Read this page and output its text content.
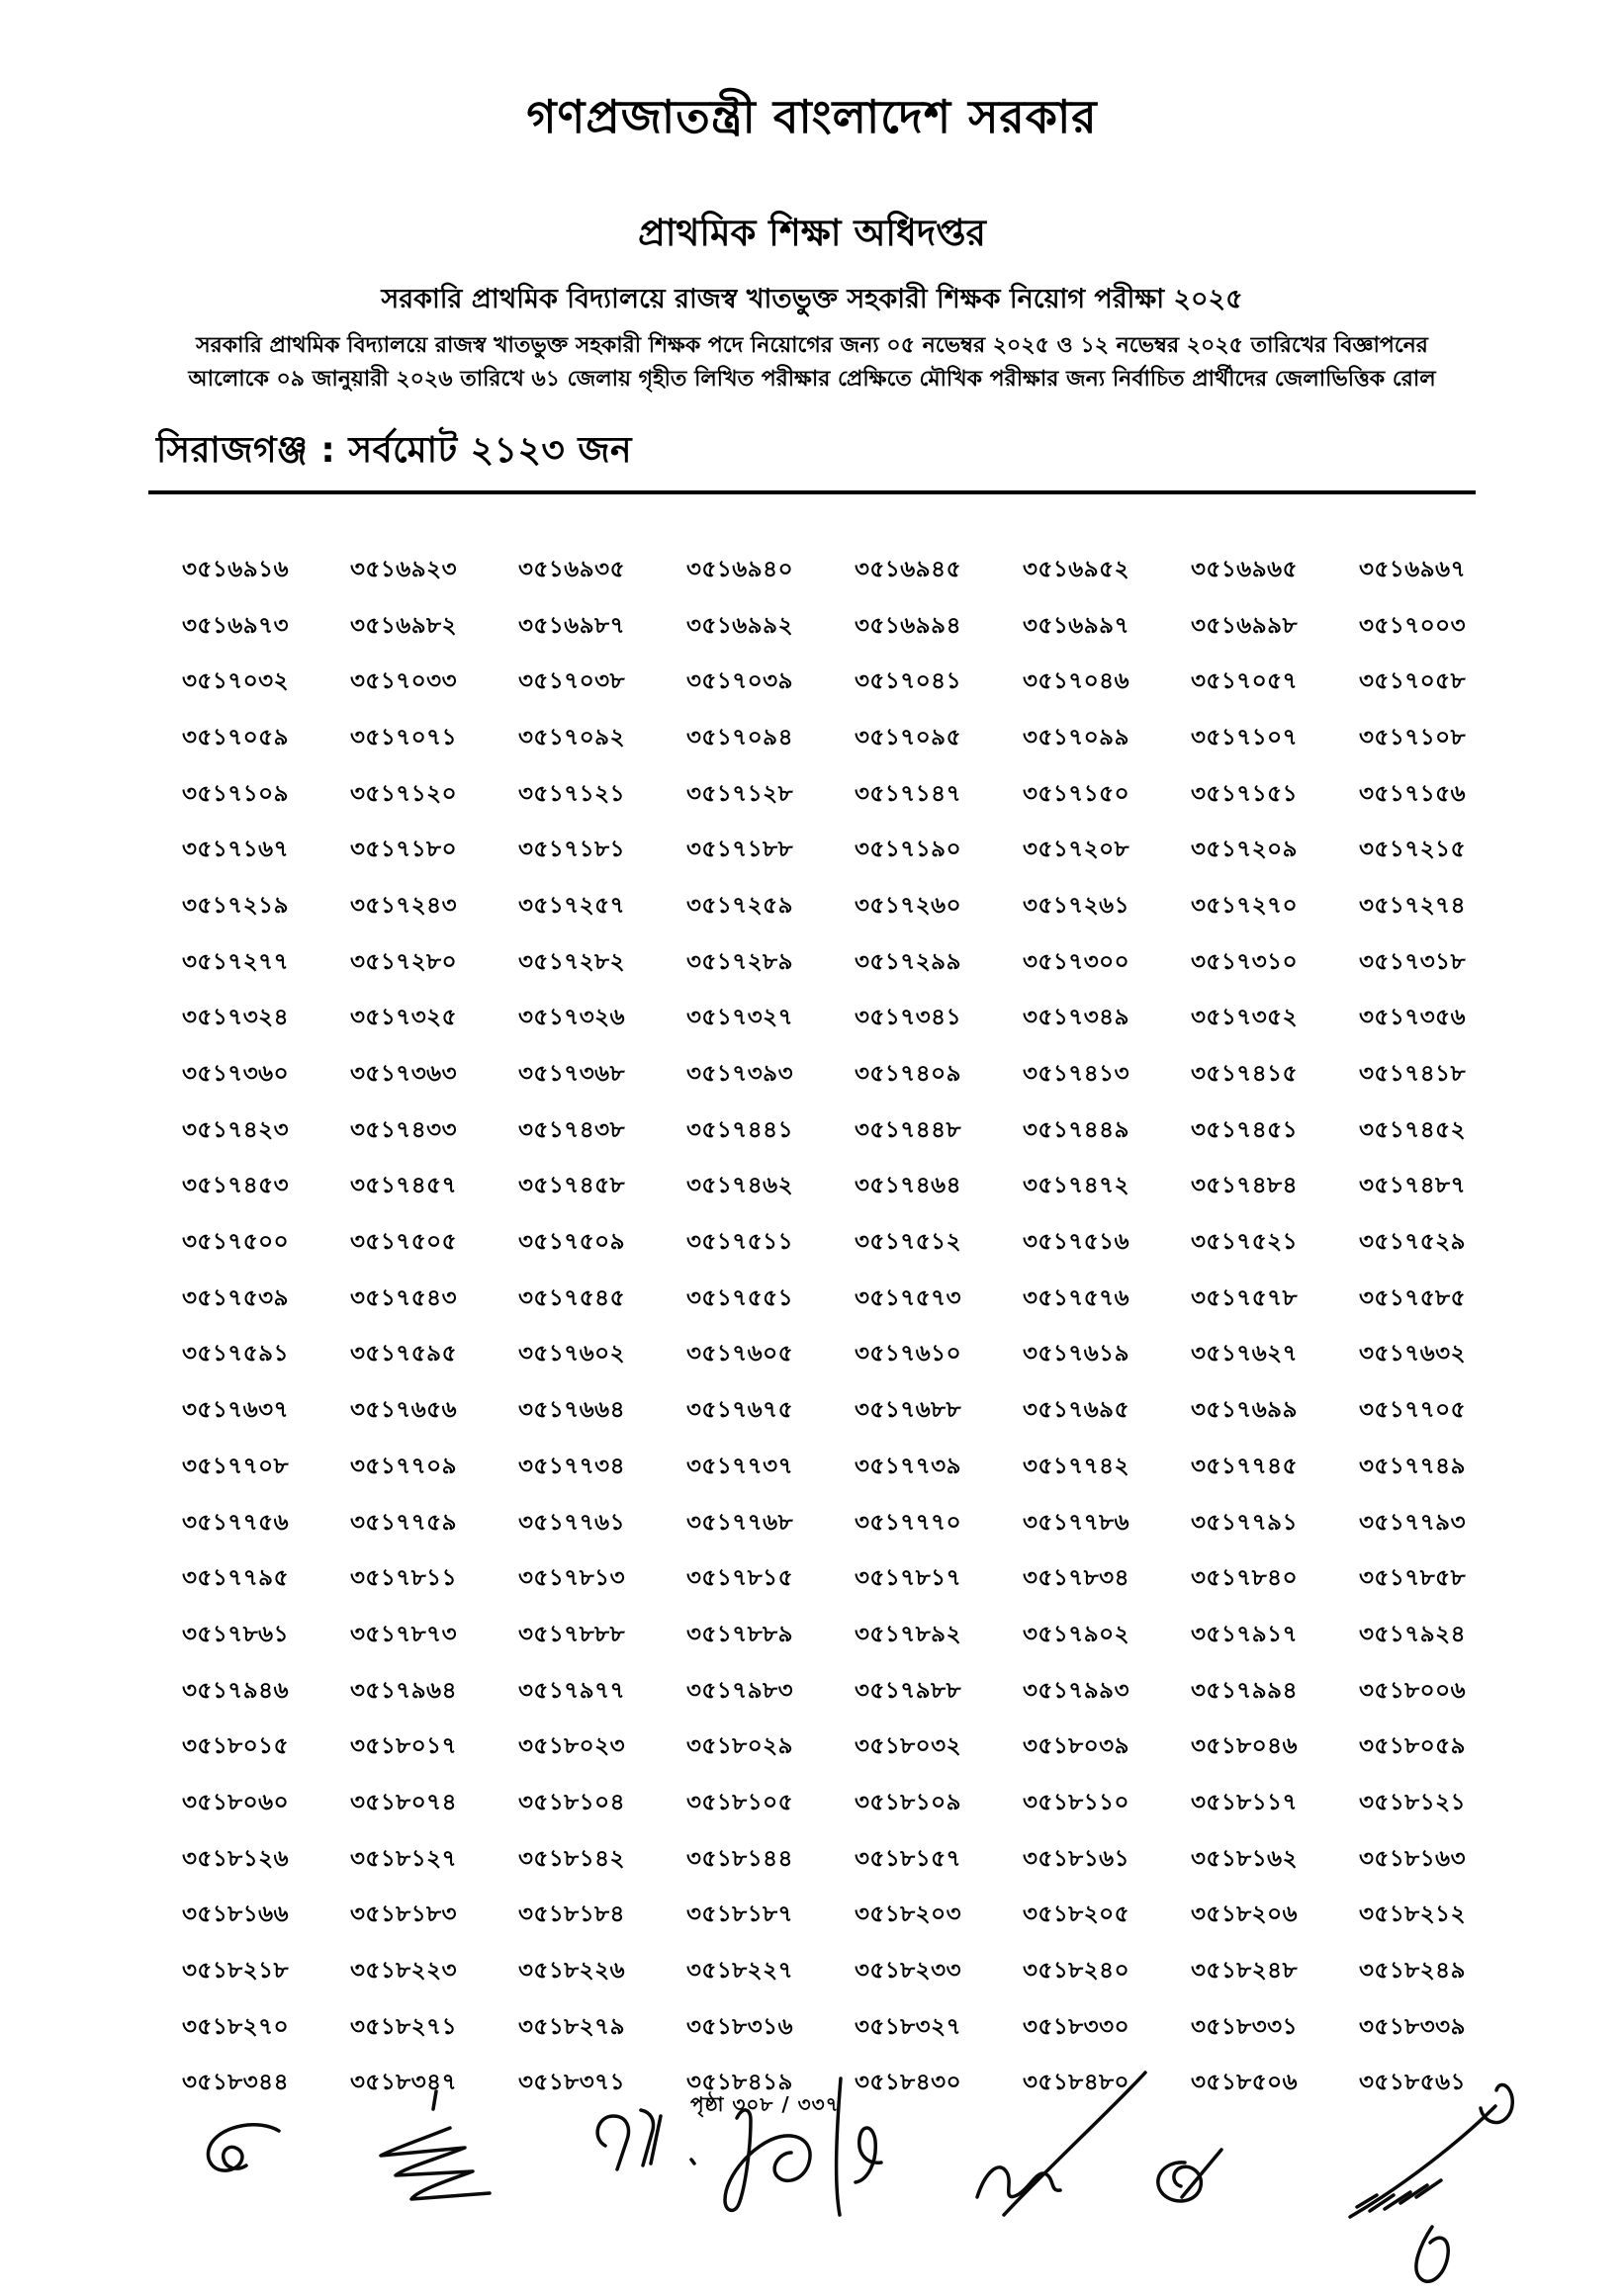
গণপ্রজাতন্ত্রী বাংলাদেশ সরকার
প্রাথমিক শিক্ষা অধিদপ্তর
সরকারি প্রাথমিক বিদ্যালয়ে রাজস্ব খাতভুক্ত সহকারী শিক্ষক নিয়োগ পরীক্ষা ২০২৫
সরকারি প্রাথমিক বিদ্যালয়ে রাজস্ব খাতভুক্ত সহকারী শিক্ষক পদে নিয়োগের জন্য ০৫ নভেম্বর ২০২৫ ও ১২ নভেম্বর ২০২৫ তারিখের বিজ্ঞাপনের
আলোকে ০৯ জানুয়ারী ২০২৬ তারিখে ৬১ জেলায় গৃহীত লিখিত পরীক্ষার প্রেক্ষিতে মৌখিক পরীক্ষার জন্য নির্বাচিত প্রার্থীদের জেলাভিত্তিক রোল
সিরাজগঞ্জ : সর্বমোট ২১২৩ জন
৩৫১৬৯১৬	৩৫১৬৯২৩	৩৫১৬৯৩৫	৩৫১৬৯৪০	৩৫১৬৯৪৫	৩৫১৬৯৫২	৩৫১৬৯৬৫	৩৫১৬৯৬৭
৩৫১৬৯৭৩	৩৫১৬৯৮২	৩৫১৬৯৮৭	৩৫১৬৯৯২	৩৫১৬৯৯৪	৩৫১৬৯৯৭	৩৫১৬৯৯৮	৩৫১৭০০৩
৩৫১৭০৩২	৩৫১৭০৩৩	৩৫১৭০৩৮	৩৫১৭০৩৯	৩৫১৭০৪১	৩৫১৭০৪৬	৩৫১৭০৫৭	৩৫১৭০৫৮
৩৫১৭০৫৯	৩৫১৭০৭১	৩৫১৭০৯২	৩৫১৭০৯৪	৩৫১৭০৯৫	৩৫১৭০৯৯	৩৫১৭১০৭	৩৫১৭১০৮
৩৫১৭১০৯	৩৫১৭১২০	৩৫১৭১২১	৩৫১৭১২৮	৩৫১৭১৪৭	৩৫১৭১৫০	৩৫১৭১৫১	৩৫১৭১৫৬
৩৫১৭১৬৭	৩৫১৭১৮০	৩৫১৭১৮১	৩৫১৭১৮৮	৩৫১৭১৯০	৩৫১৭২০৮	৩৫১৭২০৯	৩৫১৭২১৫
৩৫১৭২১৯	৩৫১৭২৪৩	৩৫১৭২৫৭	৩৫১৭২৫৯	৩৫১৭২৬০	৩৫১৭২৬১	৩৫১৭২৭০	৩৫১৭২৭৪
৩৫১৭২৭৭	৩৫১৭২৮০	৩৫১৭২৮২	৩৫১৭২৮৯	৩৫১৭২৯৯	৩৫১৭৩০০	৩৫১৭৩১০	৩৫১৭৩১৮
৩৫১৭৩২৪	৩৫১৭৩২৫	৩৫১৭৩২৬	৩৫১৭৩২৭	৩৫১৭৩৪১	৩৫১৭৩৪৯	৩৫১৭৩৫২	৩৫১৭৩৫৬
৩৫১৭৩৬০	৩৫১৭৩৬৩	৩৫১৭৩৬৮	৩৫১৭৩৯৩	৩৫১৭৪০৯	৩৫১৭৪১৩	৩৫১৭৪১৫	৩৫১৭৪১৮
৩৫১৭৪২৩	৩৫১৭৪৩৩	৩৫১৭৪৩৮	৩৫১৭৪৪১	৩৫১৭৪৪৮	৩৫১৭৪৪৯	৩৫১৭৪৫১	৩৫১৭৪৫২
৩৫১৭৪৫৩	৩৫১৭৪৫৭	৩৫১৭৪৫৮	৩৫১৭৪৬২	৩৫১৭৪৬৪	৩৫১৭৪৭২	৩৫১৭৪৮৪	৩৫১৭৪৮৭
৩৫১৭৫০০	৩৫১৭৫০৫	৩৫১৭৫০৯	৩৫১৭৫১১	৩৫১৭৫১২	৩৫১৭৫১৬	৩৫১৭৫২১	৩৫১৭৫২৯
৩৫১৭৫৩৯	৩৫১৭৫৪৩	৩৫১৭৫৪৫	৩৫১৭৫৫১	৩৫১৭৫৭৩	৩৫১৭৫৭৬	৩৫১৭৫৭৮	৩৫১৭৫৮৫
৩৫১৭৫৯১	৩৫১৭৫৯৫	৩৫১৭৬০২	৩৫১৭৬০৫	৩৫১৭৬১০	৩৫১৭৬১৯	৩৫১৭৬২৭	৩৫১৭৬৩২
৩৫১৭৬৩৭	৩৫১৭৬৫৬	৩৫১৭৬৬৪	৩৫১৭৬৭৫	৩৫১৭৬৮৮	৩৫১৭৬৯৫	৩৫১৭৬৯৯	৩৫১৭৭০৫
৩৫১৭৭০৮	৩৫১৭৭০৯	৩৫১৭৭৩৪	৩৫১৭৭৩৭	৩৫১৭৭৩৯	৩৫১৭৭৪২	৩৫১৭৭৪৫	৩৫১৭৭৪৯
৩৫১৭৭৫৬	৩৫১৭৭৫৯	৩৫১৭৭৬১	৩৫১৭৭৬৮	৩৫১৭৭৭০	৩৫১৭৭৮৬	৩৫১৭৭৯১	৩৫১৭৭৯৩
৩৫১৭৭৯৫	৩৫১৭৮১১	৩৫১৭৮১৩	৩৫১৭৮১৫	৩৫১৭৮১৭	৩৫১৭৮৩৪	৩৫১৭৮৪০	৩৫১৭৮৫৮
৩৫১৭৮৬১	৩৫১৭৮৭৩	৩৫১৭৮৮৮	৩৫১৭৮৮৯	৩৫১৭৮৯২	৩৫১৭৯০২	৩৫১৭৯১৭	৩৫১৭৯২৪
৩৫১৭৯৪৬	৩৫১৭৯৬৪	৩৫১৭৯৭৭	৩৫১৭৯৮৩	৩৫১৭৯৮৮	৩৫১৭৯৯৩	৩৫১৭৯৯৪	৩৫১৮০০৬
৩৫১৮০১৫	৩৫১৮০১৭	৩৫১৮০২৩	৩৫১৮০২৯	৩৫১৮০৩২	৩৫১৮০৩৯	৩৫১৮০৪৬	৩৫১৮০৫৯
৩৫১৮০৬০	৩৫১৮০৭৪	৩৫১৮১০৪	৩৫১৮১০৫	৩৫১৮১০৯	৩৫১৮১১০	৩৫১৮১১৭	৩৫১৮১২১
৩৫১৮১২৬	৩৫১৮১২৭	৩৫১৮১৪২	৩৫১৮১৪৪	৩৫১৮১৫৭	৩৫১৮১৬১	৩৫১৮১৬২	৩৫১৮১৬৩
৩৫১৮১৬৬	৩৫১৮১৮৩	৩৫১৮১৮৪	৩৫১৮১৮৭	৩৫১৮২০৩	৩৫১৮২০৫	৩৫১৮২০৬	৩৫১৮২১২
৩৫১৮২১৮	৩৫১৮২২৩	৩৫১৮২২৬	৩৫১৮২২৭	৩৫১৮২৩৩	৩৫১৮২৪০	৩৫১৮২৪৮	৩৫১৮২৪৯
৩৫১৮২৭০	৩৫১৮২৭১	৩৫১৮২৭৯	৩৫১৮৩১৬	৩৫১৮৩২৭	৩৫১৮৩৩০	৩৫১৮৩৩১	৩৫১৮৩৩৯
৩৫১৮৩৪৪	৩৫১৮৩৪৭	৩৫১৮৩৭১	৩৫১৮৪১৯	৩৫১৮৪৩০	৩৫১৮৪৮০	৩৫১৮৫০৬	৩৫১৮৫৬১
পৃষ্ঠা ৩০৮ / ৩৩৭
